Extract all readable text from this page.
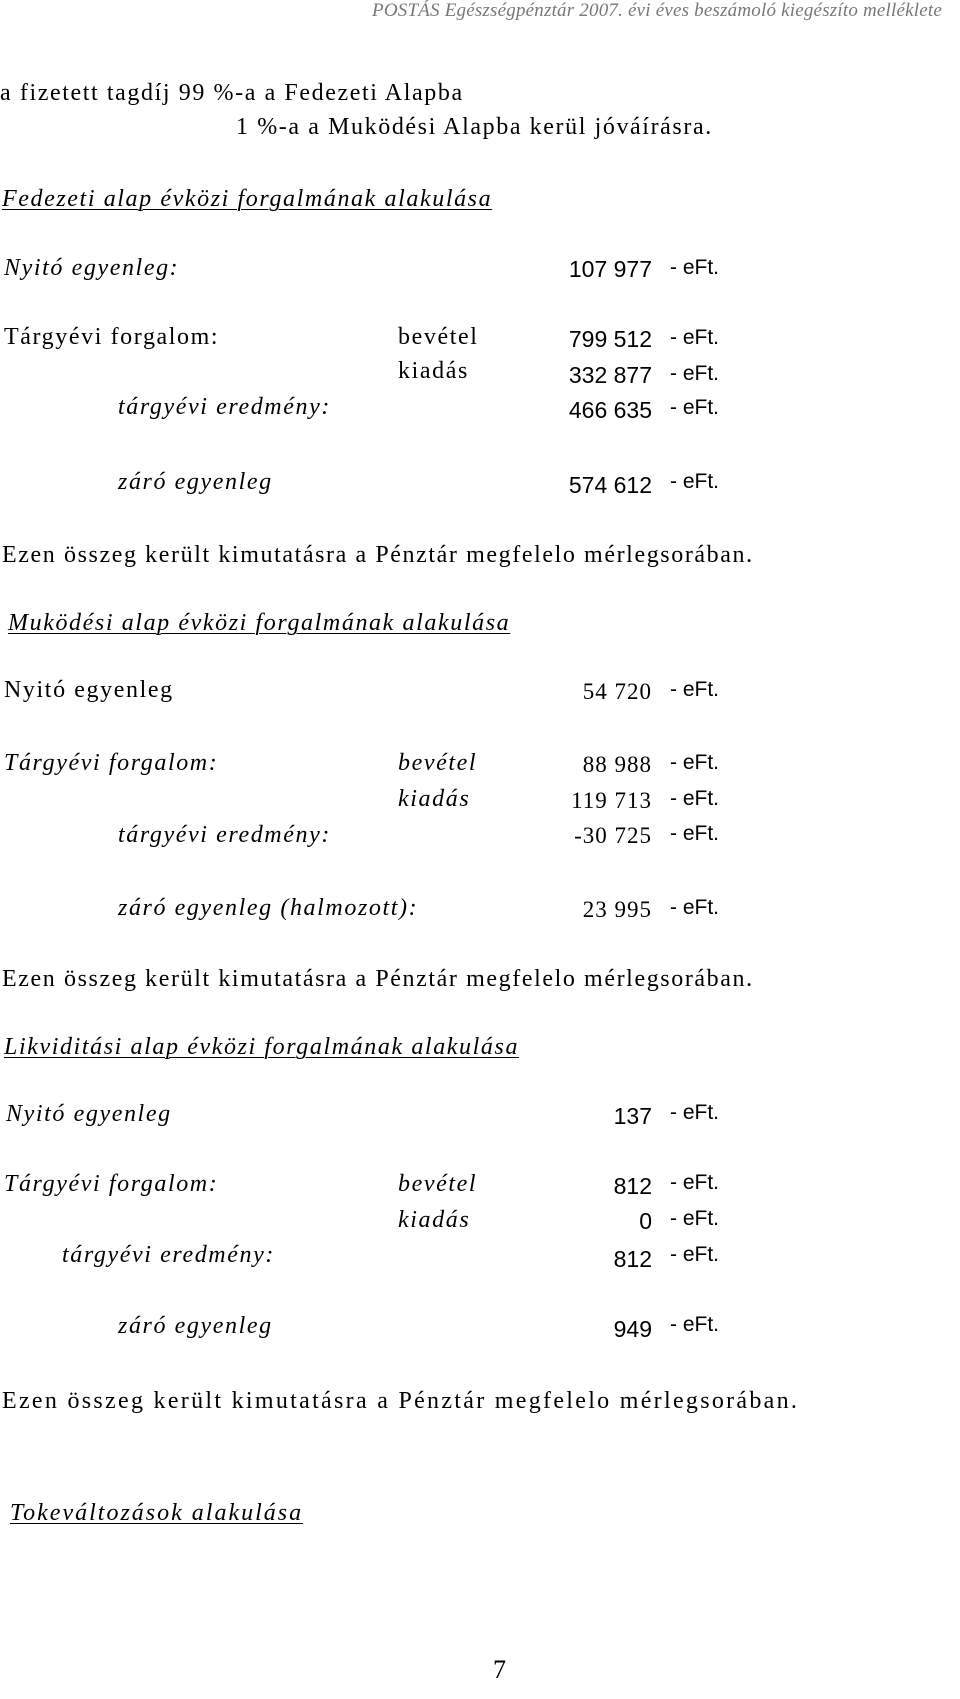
POSTÁS Egészségpénztár 2007. évi éves beszámoló kiegészíto melléklete
a fizetett tagdíj 99 %-a a Fedezeti Alapba
1 %-a a Muködési Alapba kerül jóváírásra.
Fedezeti alap évközi forgalmának alakulása
Nyitó egyenleg:	107 977 - eFt.
Tárgyévi forgalom:	bevétel	799 512 - eFt.
kiadás	332 877 - eFt.
tárgyévi eredmény:	466 635 - eFt.
záró egyenleg	574 612 - eFt.
Ezen összeg került kimutatásra a Pénztár megfelelo mérlegsorában.
Muködési alap évközi forgalmának alakulása
Nyitó egyenleg	54 720 - eFt.
Tárgyévi forgalom:	bevétel	88 988 - eFt.
kiadás	119 713 - eFt.
tárgyévi eredmény:	-30 725 - eFt.
záró egyenleg (halmozott):	23 995 - eFt.
Ezen összeg került kimutatásra a Pénztár megfelelo mérlegsorában.
Likviditási alap évközi forgalmának alakulása
Nyitó egyenleg	137 - eFt.
Tárgyévi forgalom:	bevétel	812 - eFt.
kiadás	0 - eFt.
tárgyévi eredmény:	812 - eFt.
záró egyenleg	949 - eFt.
Ezen összeg került kimutatásra a Pénztár megfelelo mérlegsorában.
Tokeváltozások alakulása
7
